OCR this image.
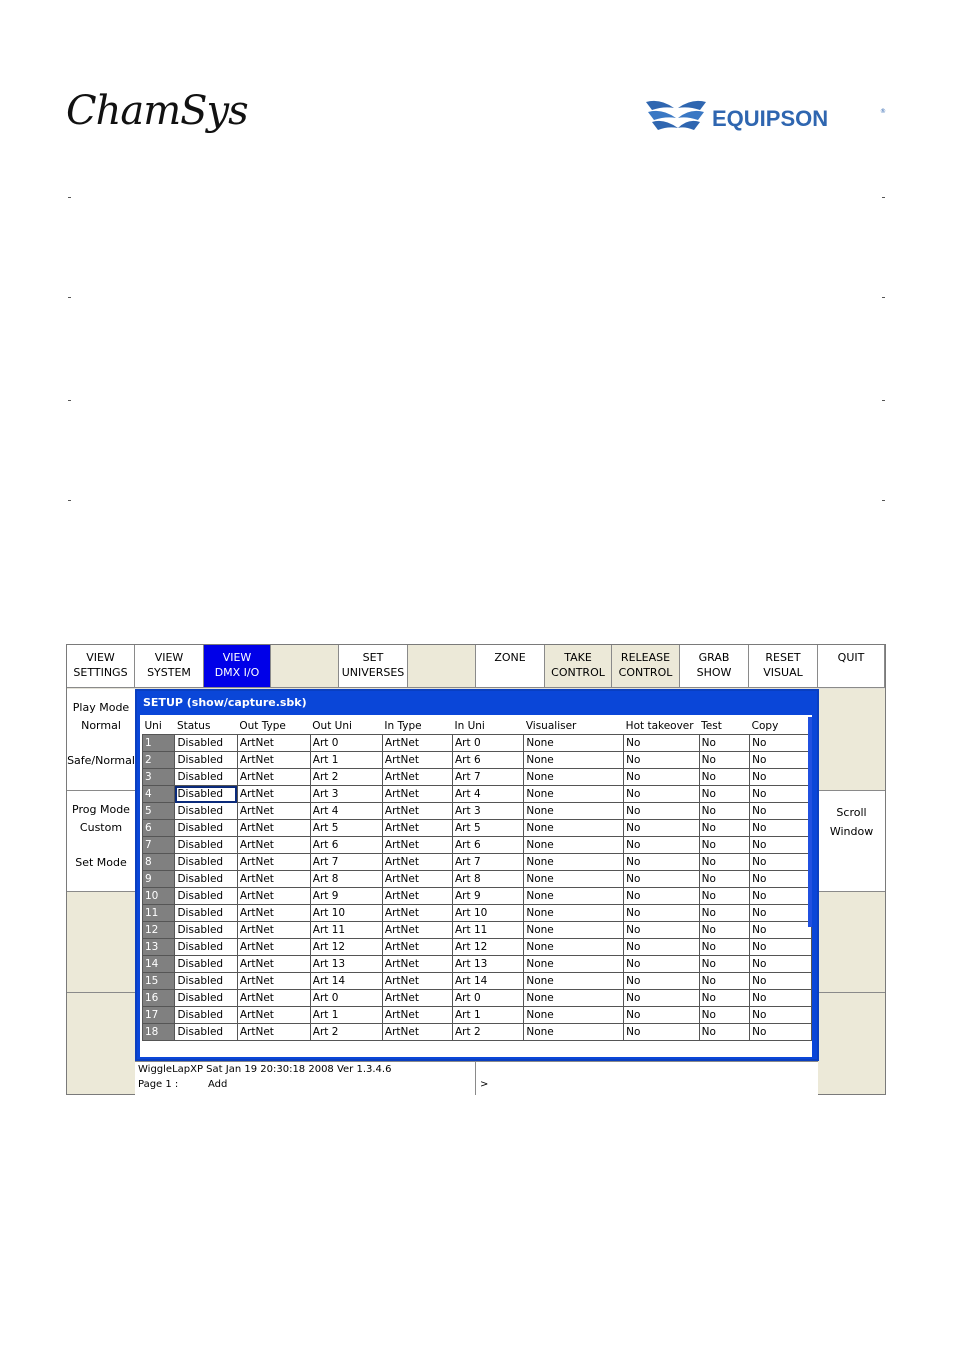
ChamSys	EQUIPSON	®
VIEW
SETTINGS
VIEW
SYSTEM
VIEW
DMX I/O
SET
UNIVERSES
ZONE	TAKE
CONTROL
RELEASE
CONTROL
GRAB
SHOW
RESET
VISUAL
QUIT
Play Mode
Normal
Safe/Normal
Prog Mode
Custom
Set Mode
Scroll
Window
SETUP (show/capture.sbk)
Uni	Status	Out Type	Out Uni	In Type	In Uni	Visualiser	Hot takeover	Test	Copy
1	Disabled	ArtNet	Art 0	ArtNet	Art 0	None	No	No	No
2	Disabled	ArtNet	Art 1	ArtNet	Art 6	None	No	No	No
3	Disabled	ArtNet	Art 2	ArtNet	Art 7	None	No	No	No
4	Disabled	ArtNet	Art 3	ArtNet	Art 4	None	No	No	No
5	Disabled	ArtNet	Art 4	ArtNet	Art 3	None	No	No	No
6	Disabled	ArtNet	Art 5	ArtNet	Art 5	None	No	No	No
7	Disabled	ArtNet	Art 6	ArtNet	Art 6	None	No	No	No
8	Disabled	ArtNet	Art 7	ArtNet	Art 7	None	No	No	No
9	Disabled	ArtNet	Art 8	ArtNet	Art 8	None	No	No	No
10	Disabled	ArtNet	Art 9	ArtNet	Art 9	None	No	No	No
11	Disabled	ArtNet	Art 10	ArtNet	Art 10	None	No	No	No
12	Disabled	ArtNet	Art 11	ArtNet	Art 11	None	No	No	No
13	Disabled	ArtNet	Art 12	ArtNet	Art 12	None	No	No	No
14	Disabled	ArtNet	Art 13	ArtNet	Art 13	None	No	No	No
15	Disabled	ArtNet	Art 14	ArtNet	Art 14	None	No	No	No
16	Disabled	ArtNet	Art 0	ArtNet	Art 0	None	No	No	No
17	Disabled	ArtNet	Art 1	ArtNet	Art 1	None	No	No	No
18	Disabled	ArtNet	Art 2	ArtNet	Art 2	None	No	No	No
WiggleLapXP Sat Jan 19 20:30:18 2008 Ver 1.3.4.6
Page 1 :	Add	>
